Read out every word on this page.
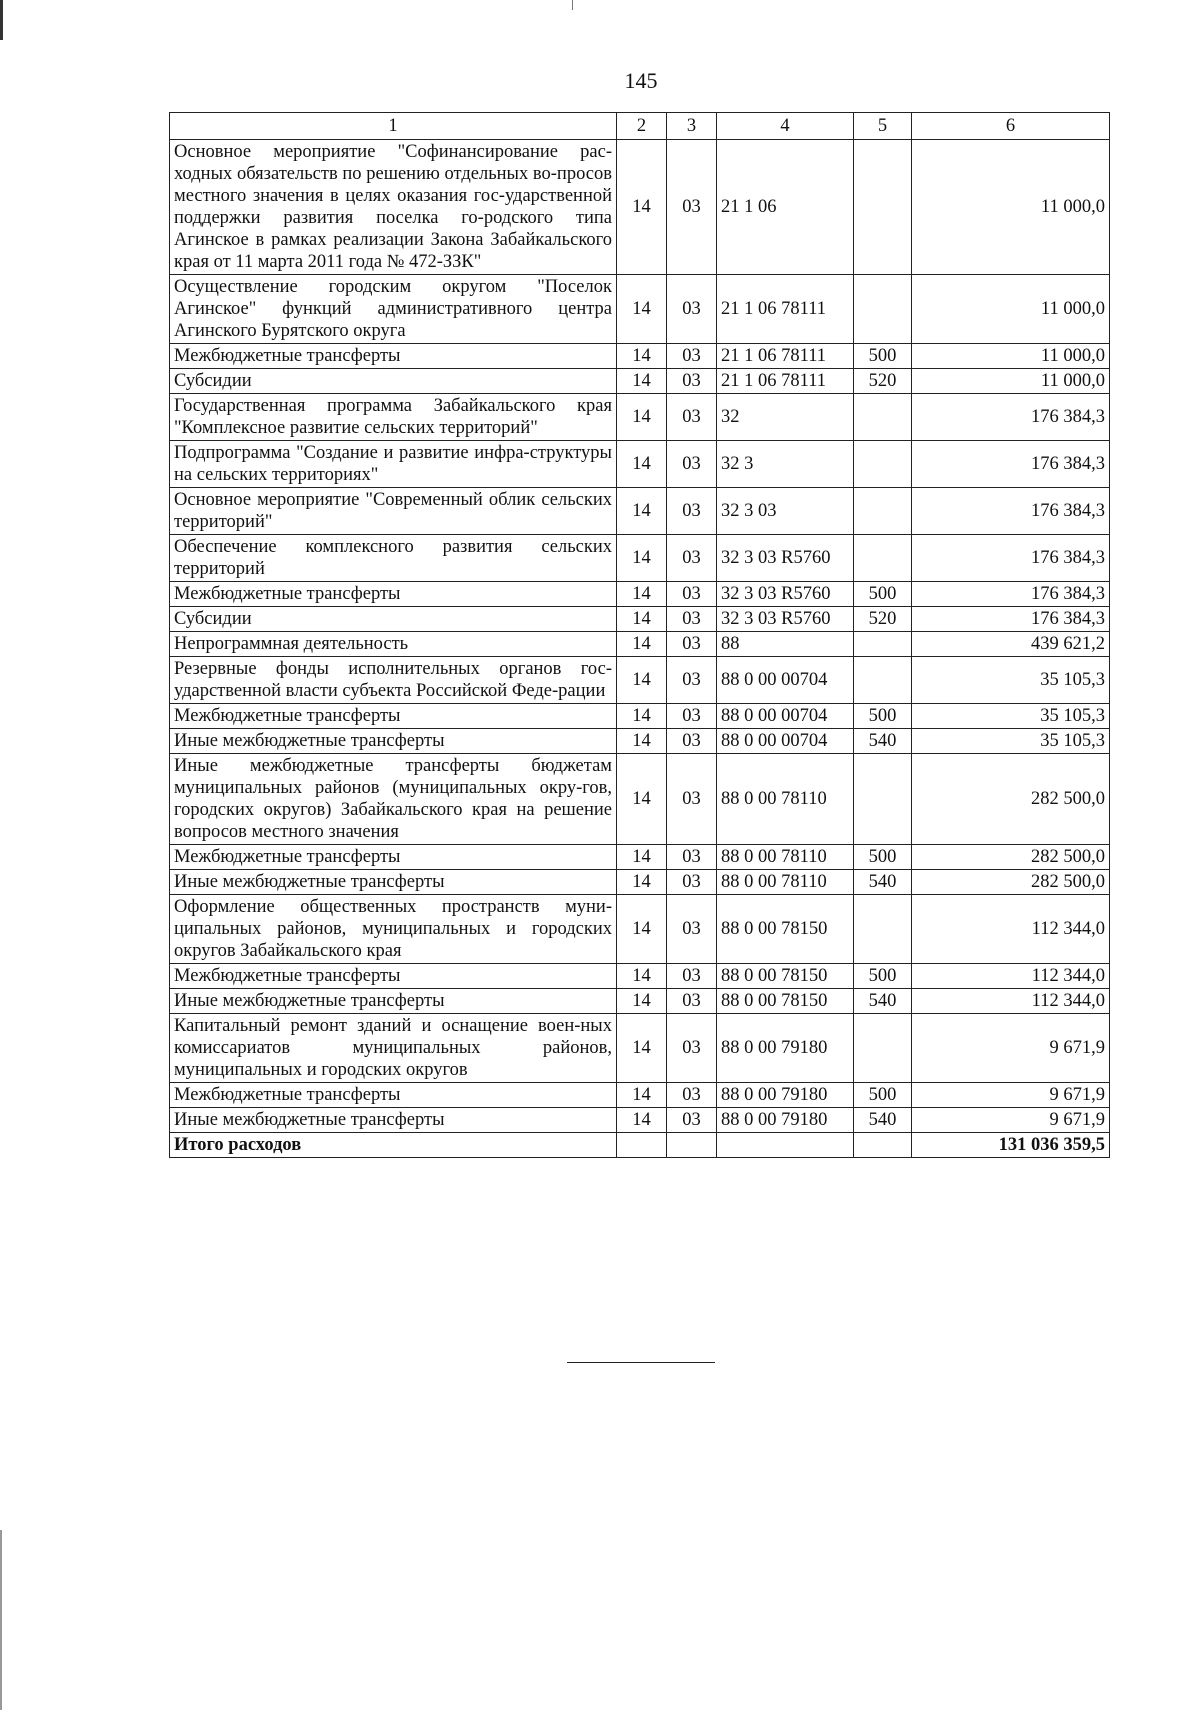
145
1	2	3	4	5	6
Основное мероприятие "Софинансирование рас-ходных обязательств по решению отдельных во-просов местного значения в целях оказания гос-ударственной поддержки развития поселка го-родского типа Агинское в рамках реализации Закона Забайкальского края от 11 марта 2011 года № 472-ЗЗК"	14	03	21 1 06		11 000,0
Осуществление городским округом "Поселок Агинское" функций административного центра Агинского Бурятского округа	14	03	21 1 06 78111		11 000,0
Межбюджетные трансферты	14	03	21 1 06 78111	500	11 000,0
Субсидии	14	03	21 1 06 78111	520	11 000,0
Государственная программа Забайкальского края "Комплексное развитие сельских территорий"	14	03	32		176 384,3
Подпрограмма "Создание и развитие инфра-структуры на сельских территориях"	14	03	32 3		176 384,3
Основное мероприятие "Современный облик сельских территорий"	14	03	32 3 03		176 384,3
Обеспечение комплексного развития сельских территорий	14	03	32 3 03 R5760		176 384,3
Межбюджетные трансферты	14	03	32 3 03 R5760	500	176 384,3
Субсидии	14	03	32 3 03 R5760	520	176 384,3
Непрограммная деятельность	14	03	88		439 621,2
Резервные фонды исполнительных органов гос-ударственной власти субъекта Российской Феде-рации	14	03	88 0 00 00704		35 105,3
Межбюджетные трансферты	14	03	88 0 00 00704	500	35 105,3
Иные межбюджетные трансферты	14	03	88 0 00 00704	540	35 105,3
Иные межбюджетные трансферты бюджетам муниципальных районов (муниципальных окру-гов, городских округов) Забайкальского края на решение вопросов местного значения	14	03	88 0 00 78110		282 500,0
Межбюджетные трансферты	14	03	88 0 00 78110	500	282 500,0
Иные межбюджетные трансферты	14	03	88 0 00 78110	540	282 500,0
Оформление общественных пространств муни-ципальных районов, муниципальных и городских округов Забайкальского края	14	03	88 0 00 78150		112 344,0
Межбюджетные трансферты	14	03	88 0 00 78150	500	112 344,0
Иные межбюджетные трансферты	14	03	88 0 00 78150	540	112 344,0
Капитальный ремонт зданий и оснащение воен-ных комиссариатов муниципальных районов, муниципальных и городских округов	14	03	88 0 00 79180		9 671,9
Межбюджетные трансферты	14	03	88 0 00 79180	500	9 671,9
Иные межбюджетные трансферты	14	03	88 0 00 79180	540	9 671,9
Итого расходов					131 036 359,5
